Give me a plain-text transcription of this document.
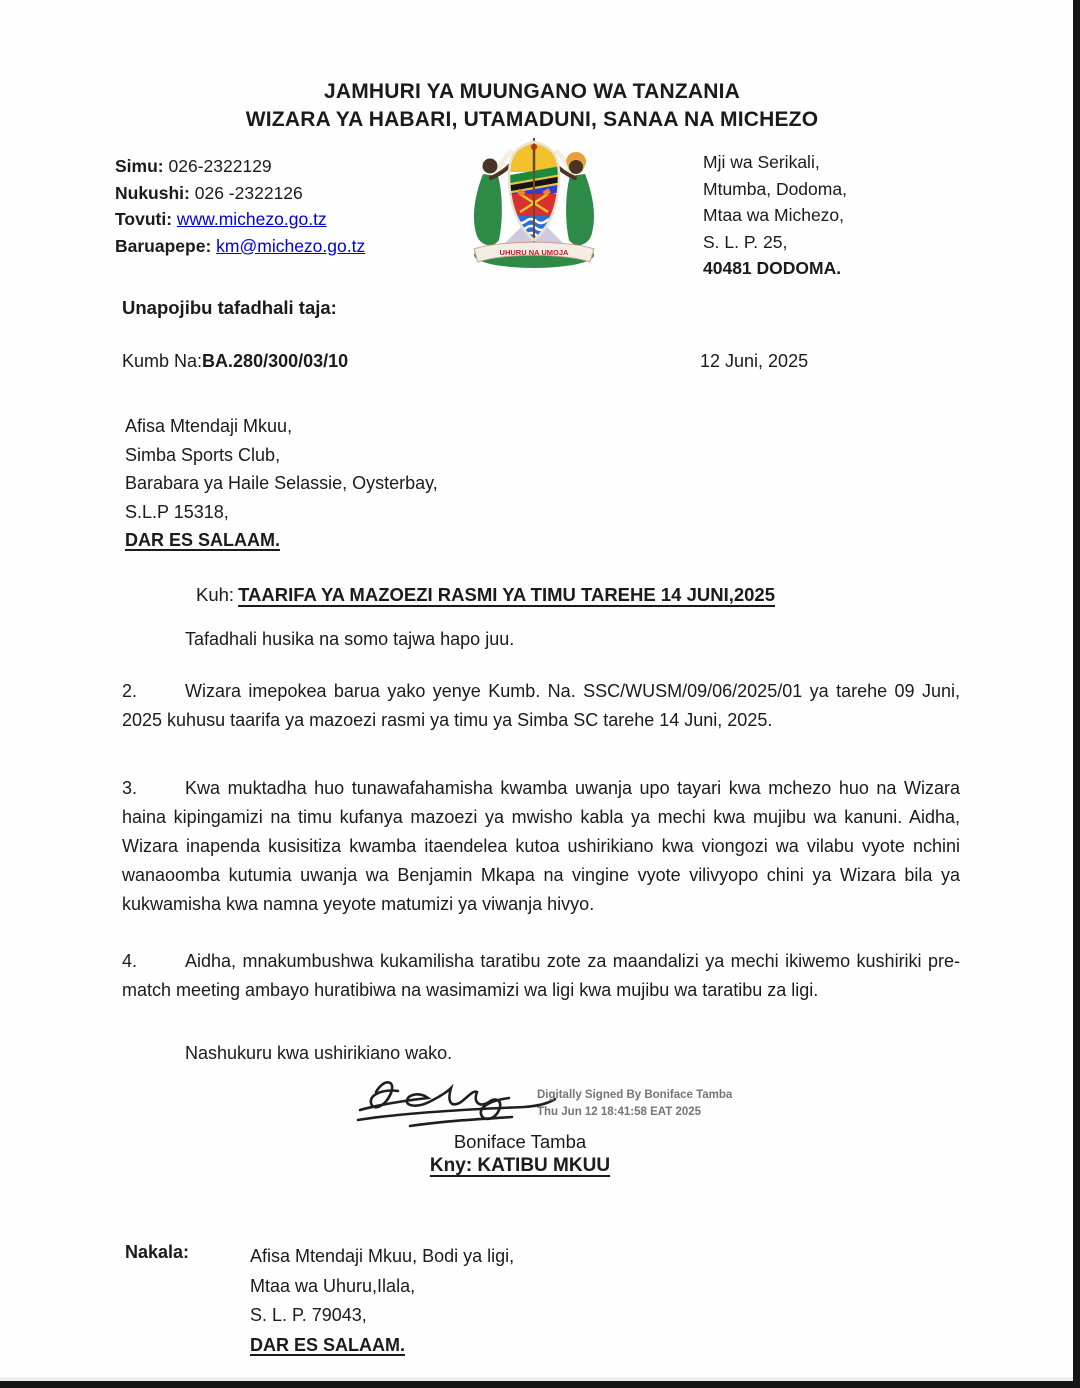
JAMHURI YA MUUNGANO WA TANZANIA
WIZARA YA HABARI, UTAMADUNI, SANAA NA MICHEZO
Simu: 026-2322129
Nukushi: 026 -2322126
Tovuti: www.michezo.go.tz
Baruapepe: km@michezo.go.tz	UHURU NA UMOJA
Mji wa Serikali,
Mtumba, Dodoma,
Mtaa wa Michezo,
S. L. P. 25,
40481 DODOMA.
Unapojibu tafadhali taja:
Kumb Na:BA.280/300/03/10	12 Juni, 2025
Afisa Mtendaji Mkuu,
Simba Sports Club,
Barabara ya Haile Selassie, Oysterbay,
S.L.P 15318,
DAR ES SALAAM.
Kuh: TAARIFA YA MAZOEZI RASMI YA TIMU TAREHE 14 JUNI,2025
Tafadhali husika na somo tajwa hapo juu.
2.	Wizara imepokea barua yako yenye Kumb. Na. SSC/WUSM/09/06/2025/01 ya tarehe 09 Juni, 2025 kuhusu taarifa ya mazoezi rasmi ya timu ya Simba SC tarehe 14 Juni, 2025.
3.	Kwa muktadha huo tunawafahamisha kwamba uwanja upo tayari kwa mchezo huo na Wizara haina kipingamizi na timu kufanya mazoezi ya mwisho kabla ya mechi kwa mujibu wa kanuni. Aidha, Wizara inapenda kusisitiza kwamba itaendelea kutoa ushirikiano kwa viongozi wa vilabu vyote nchini wanaoomba kutumia uwanja wa Benjamin Mkapa na vingine vyote vilivyopo chini ya Wizara bila ya kukwamisha kwa namna yeyote matumizi ya viwanja hivyo.
4.	Aidha, mnakumbushwa kukamilisha taratibu zote za maandalizi ya mechi ikiwemo kushiriki pre-match meeting ambayo huratibiwa na wasimamizi wa ligi kwa mujibu wa taratibu za ligi.
Nashukuru kwa ushirikiano wako.
Digitally Signed By Boniface Tamba
Thu Jun 12 18:41:58 EAT 2025
Boniface Tamba
Kny: KATIBU MKUU
Nakala:	Afisa Mtendaji Mkuu, Bodi ya ligi,
Mtaa wa Uhuru,Ilala,
S. L. P. 79043,
DAR ES SALAAM.
